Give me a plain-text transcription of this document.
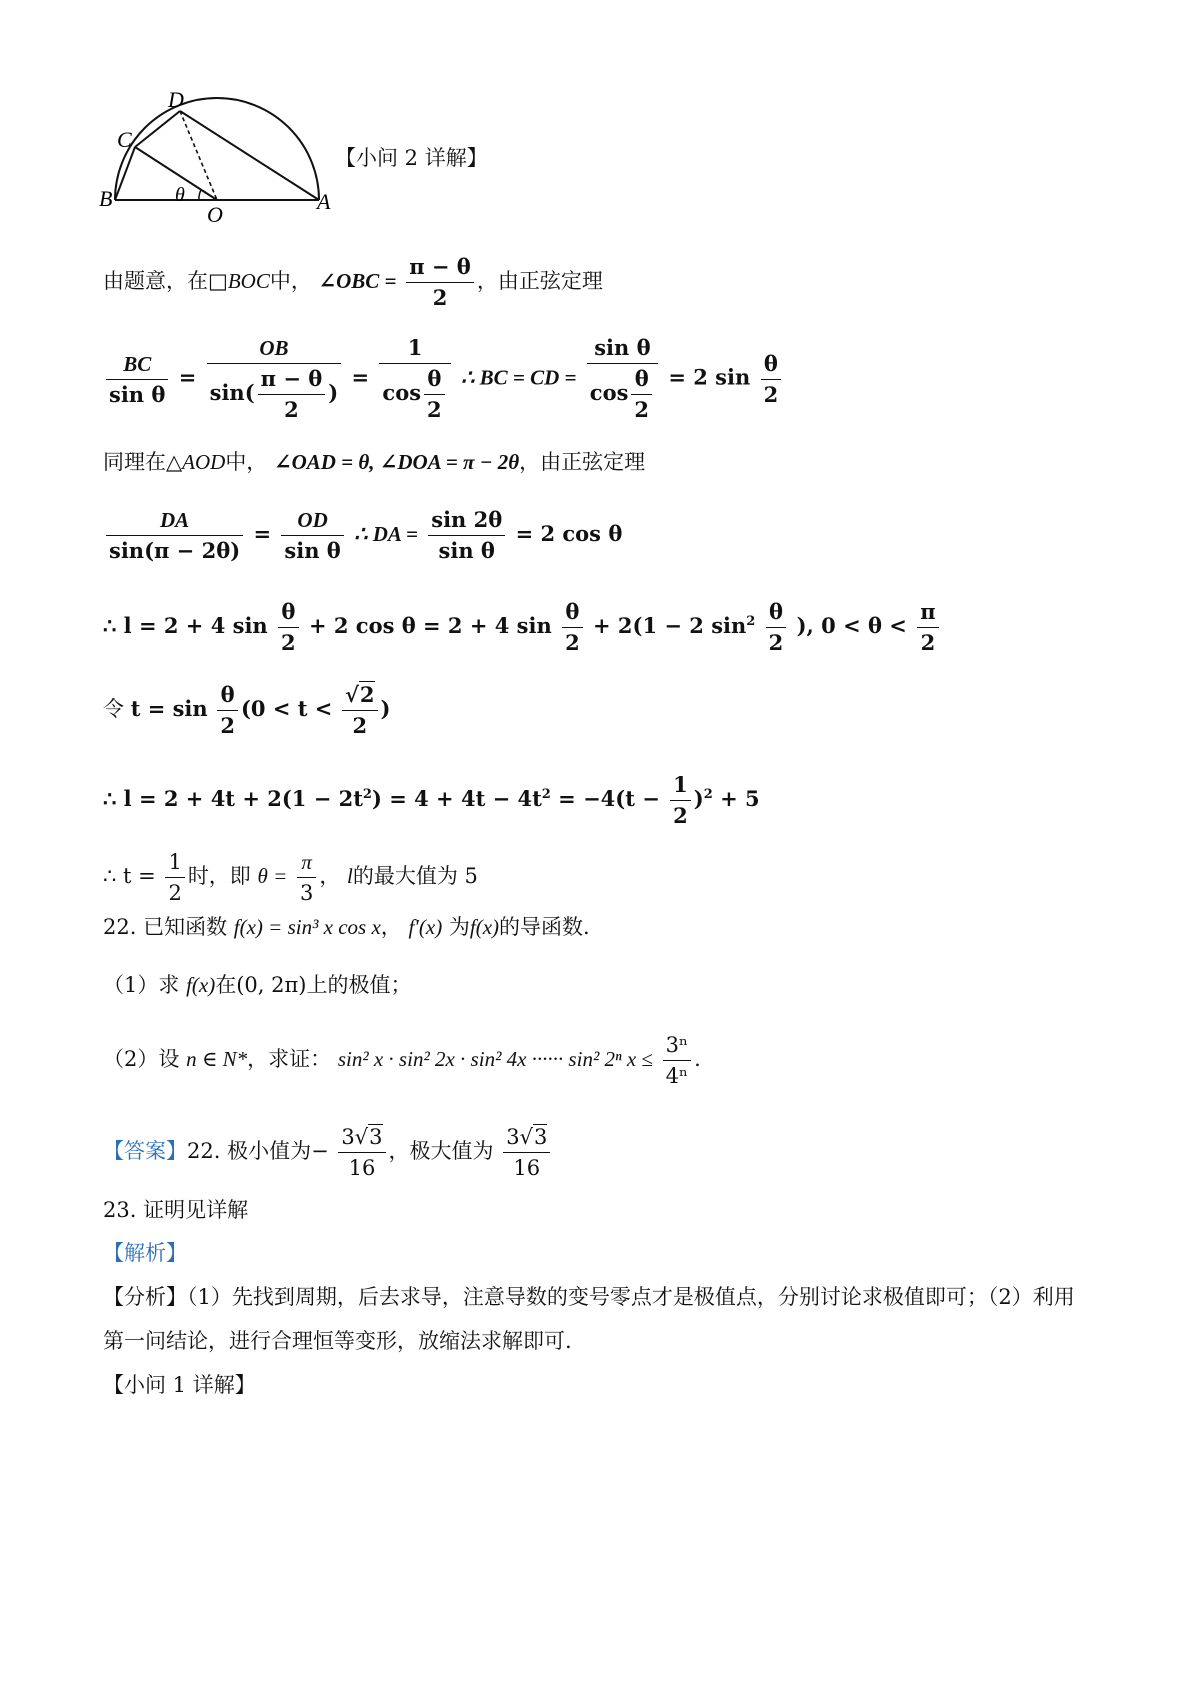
D
C
B
O
A
θ
【小问 2 详解】
由题意，在□BOC中， ∠OBC = $\frac{\pi - \theta}{2}$ ，由正弦定理
$\frac{BC}{\text{sin θ}} = \frac{OB}{\sin( \frac{\pi - \theta}{2} )} = \frac{1}{\cos \frac{\theta}{2}}$ ∴ BC = CD = $\frac{\text{sin θ}}{\cos \frac{\theta}{2}} = 2$ $\sin \frac{\theta}{2}$
同理在△AOD中， ∠OAD = θ, ∠DOA = π − 2θ，由正弦定理
$\frac{DA}{\sin(\pi - 2\theta)} = \frac{OD}{\text{sin θ}}$ ∴ DA = $\frac{\sin 2\theta}{\text{sin θ}} = 2$ cos θ
∴ l = 2 + 4 $\sin \frac{\theta}{2} + 2$ cos θ = 2 + 4 $\sin \frac{\theta}{2} + 2(1 - 2$ $\sin^2 \frac{\theta}{2}$ ), $0 < \theta < \frac{\pi}{2}$
令 $t = \sin \frac{\theta}{2} (0 < t < \frac{√2}{2}$ )
∴ $l = 2 + 4t + 2(1 - 2t^2) = 4 + 4t - 4t^2 = -4(t - \frac{1}{2} )^2 + 5$
∴ $t = \frac{1}{2}$ 时，即 $\theta = \frac{\pi}{3}$ ， l的最大值为 5
22. 已知函数 f(x) = sin³ x cos x， f′(x) 为f(x)的导函数.
（1）求 f(x)在(0, 2π)上的极值；
（2）设 n ∈ N*，求证： sin² x · sin² 2x · sin² 4x ······ sin² 2ⁿ $x \le \frac{\text{3ⁿ}}{\text{4ⁿ}}$ .
【答案】22. 极小值为− $\frac{3√3}{16}$ ，极大值为 $\frac{3√3}{16}$
23. 证明见详解
【解析】
【分析】（1）先找到周期，后去求导，注意导数的变号零点才是极值点，分别讨论求极值即可；（2）利用
第一问结论，进行合理恒等变形，放缩法求解即可.
【小问 1 详解】
